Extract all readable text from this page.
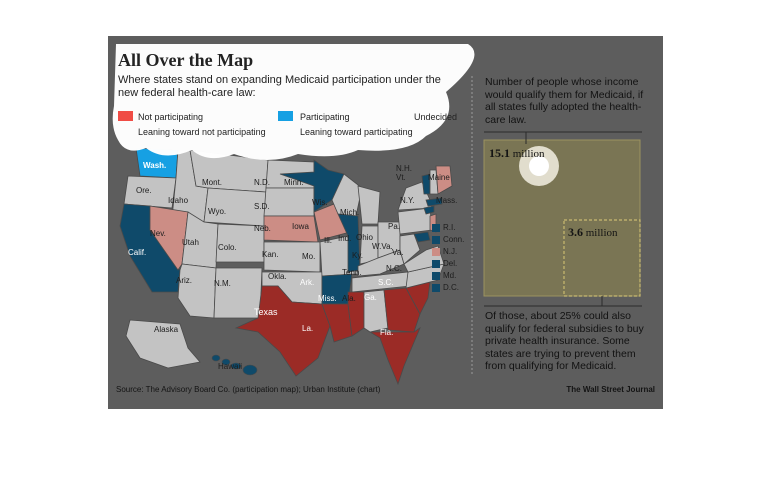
All Over the Map
Where states stand on expanding Medicaid participation under the new federal health-care law:
Not participating
Leaning toward not participating
Participating
Leaning toward participating
Undecided
Wash.
Ore.
Idaho
Mont.	N.D. Minn.
Wyo.
S.D.	Wis.
Mich.
Nev.
Utah
Colo.
Neb.	Iowa
Ill. Ind. Ohio
Pa.
N.Y.
Calif.	Kan.	Mo.	Ky.
W.Va.
Va.
Ariz.	N.M.
Okla.
Ark.
Tenn.	N.C.
S.C.
Ga.
Ala.
Miss.
La.
Texas
Fla.
Alaska
Hawaii
Maine
N.H.
Vt.
Mass.
R.I.
Conn.
N.J.
Del.
Md.
D.C.
Number of people whose income would qualify them for Medicaid, if all states fully adopted the health-care law.
15.1 million
3.6 million
Of those, about 25% could also qualify for federal subsidies to buy private health insurance. Some states are trying to prevent them from qualifying for Medicaid.
Source: The Advisory Board Co. (participation map); Urban Institute (chart)	The Wall Street Journal
